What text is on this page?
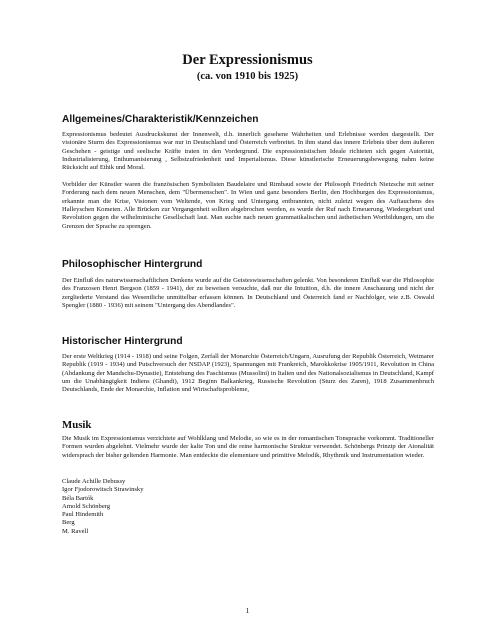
Der Expressionismus
(ca. von 1910 bis 1925)
Allgemeines/Charakteristik/Kennzeichen

Expressionismus bedeutet Ausdruckskunst der Innenwelt, d.h. innerlich gesehene Wahrheiten und Erlebnisse werden dargestellt. Der visionäre Sturm des Expressionismus war nur in Deutschland und Österreich verbreitet. In ihm stand das innere Erlebnis über dem äußeren Geschehen - geistige und seelische Kräfte traten in den Vordergrund. Die expressionistischen Ideale richteten sich gegen Autorität, Industrialisierung, Enthumanisierung , Selbstzufriedenheit und Imperialismus. Diese künstlerische Erneuerungsbewegung nahm keine Rücksicht auf Ethik und Moral.

Vorbilder der Künstler waren die französischen Symbolisten Baudelaire und Rimbaud sowie der Philosoph Friedrich Nietzsche mit seiner Forderung nach dem neuen Menschen, dem "Übermenschen". In Wien und ganz besonders Berlin, den Hochburgen des Expressionismus, erkannte man die Krise, Visionen vom Weltende, von Krieg und Untergang entbrannten, nicht zuletzt wegen des Auftauchens des Halleyschen Kometen. Alle Brücken zur Vergangenheit sollten abgebrochen werden, es wurde der Ruf nach Erneuerung, Wiedergeburt und Revolution gegen die wilhelminische Gesellschaft laut. Man suchte nach neuen grammatikalischen und ästhetischen Wortbildungen, um die Grenzen der Sprache zu sprengen.

Philosophischer Hintergrund

Der Einfluß des naturwissenschaftlichen Denkens wurde auf die Geisteswissenschaften gelenkt. Von besonderen Einfluß war die Philosophie des Franzosen Henri Bergson (1859 - 1941), der zu beweisen versuchte, daß nur die Intuition, d.h. die innere Anschauung und nicht der zergliederte Verstand das Wesentliche unmittelbar erfassen können. In Deutschland und Österreich fand er Nachfolger, wie z.B. Oswald Spengler (1880 - 1936) mit seinem "Untergang des Abendlandes".

Historischer Hintergrund

Der erste Weltkrieg (1914 - 1918) und seine Folgen, Zerfall der Monarchie Österreich/Ungarn, Ausrufung der Republik Österreich, Weimarer Republik (1919 - 1934) und Putschversuch der NSDAP (1923), Spannungen mit Frankreich, Marokkokrise 1905/1911, Revolution in China (Abdankung der Mandschu-Dynastie), Entstehung des Faschismus (Mussolini) in Italien und des Nationalsozialismus in Deutschland, Kampf um die Unabhängigkeit Indiens (Ghandi), 1912 Beginn Balkankrieg, Russische Revolution (Sturz des Zaren), 1918 Zusammenbruch Deutschlands, Ende der Monarchie, Inflation und Wirtschaftsprobleme,

Musik

Die Musik im Expressionismus verzichtete auf Wohlklang und Melodie, so wie es in der romantischen Tonsprache vorkommt. Traditioneller Formen wurden abgelehnt. Vielmehr wurde der kalte Ton und die reine harmonische Struktur verwendet. Schönbergs Prinzip der Atonalität widersprach der bisher geltenden Harmonie. Man entdeckte die elementare und primitive Melodik, Rhythmik und Instrumentation wieder.

Claude Achille Debussy
Igor Fjodorowitsch Strawinsky
Béla Bartók
Arnold Schönberg
Paul Hindemith
Berg
M. Ravell
1
